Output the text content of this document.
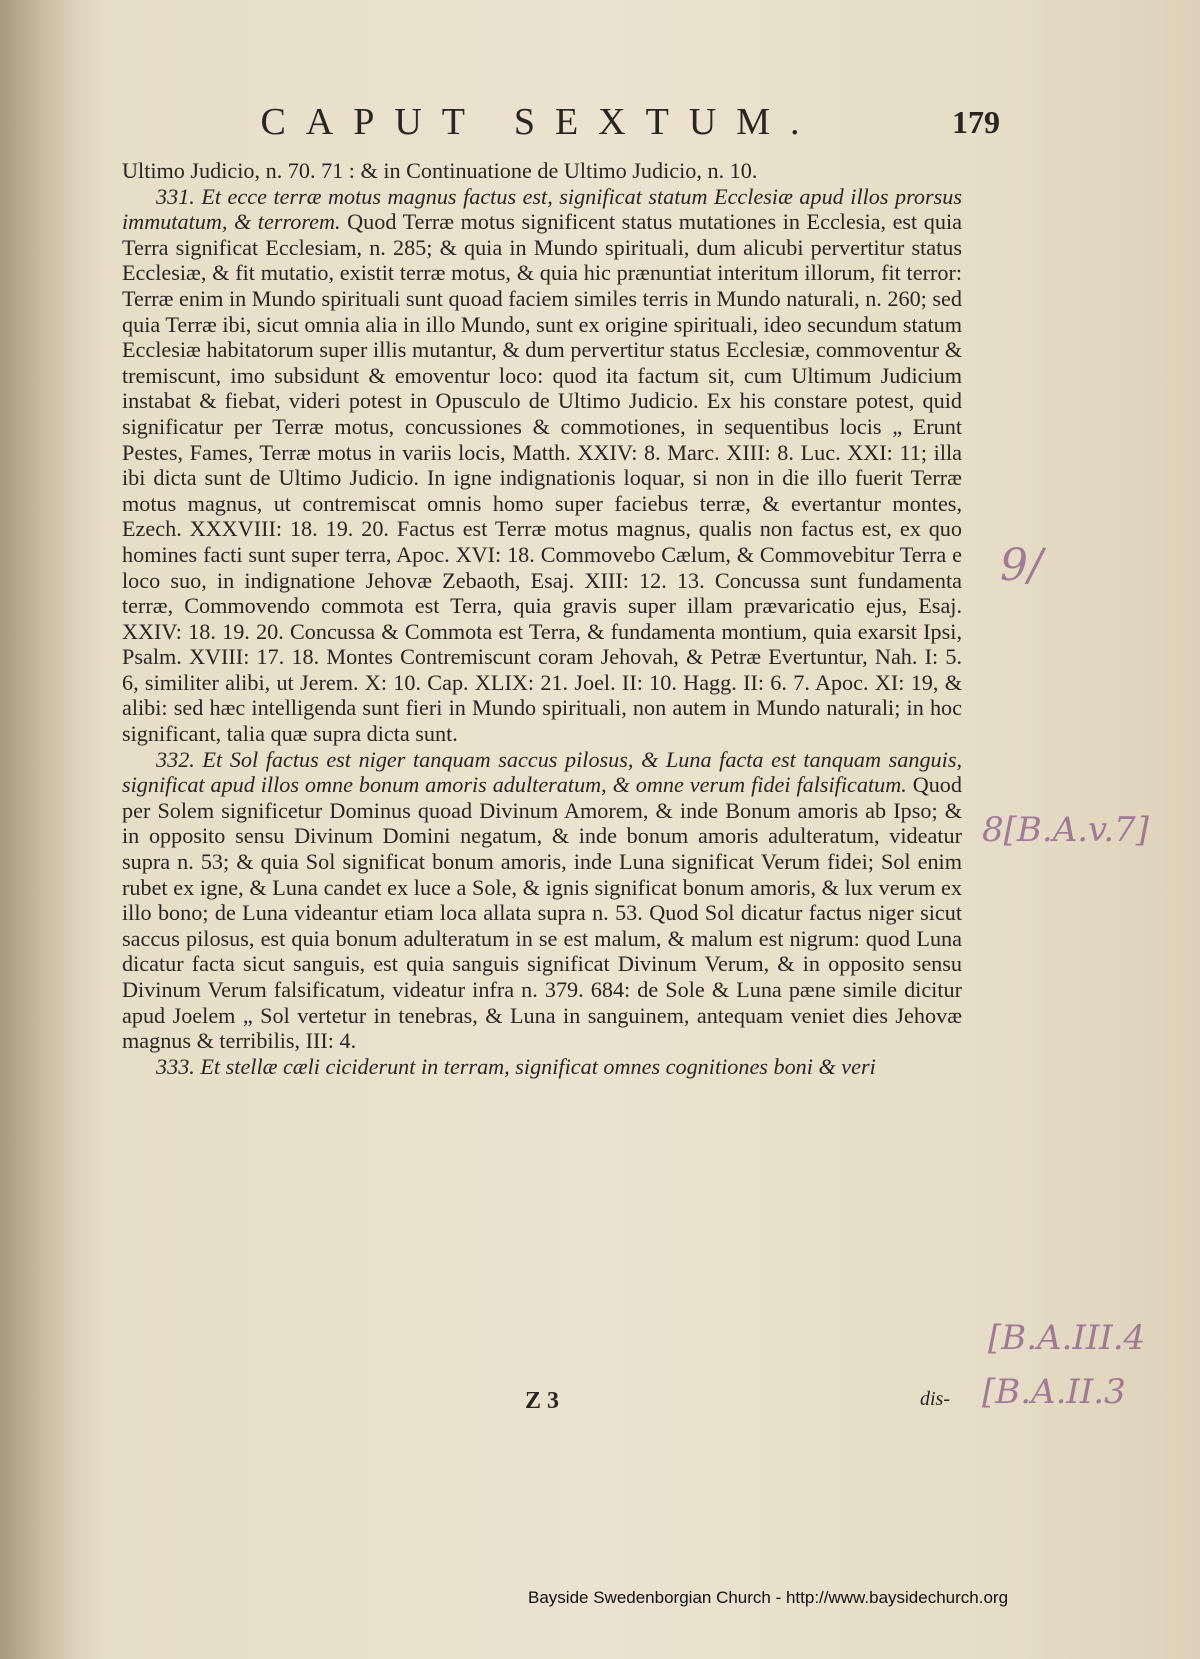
CAPUT SEXTUM.	179

Ultimo Judicio, n. 70. 71 : & in Continuatione de Ultimo Judicio, n. 10.

331. Et ecce terræ motus magnus factus est, significat statum Ecclesiæ apud illos prorsus immutatum, & terrorem. Quod Terræ motus significent status mutationes in Ecclesia, est quia Terra significat Ecclesiam, n. 285; & quia in Mundo spirituali, dum alicubi pervertitur status Ecclesiæ, & fit mutatio, existit terræ motus, & quia hic prænuntiat interitum illorum, fit terror: Terræ enim in Mundo spirituali sunt quoad faciem similes terris in Mundo naturali, n. 260; sed quia Terræ ibi, sicut omnia alia in illo Mundo, sunt ex origine spirituali, ideo secundum statum Ecclesiæ habitatorum super illis mutantur, & dum pervertitur status Ecclesiæ, commoventur & tremiscunt, imo subsidunt & emoventur loco: quod ita factum sit, cum Ultimum Judicium instabat & fiebat, videri potest in Opusculo de Ultimo Judicio. Ex his constare potest, quid significatur per Terræ motus, concussiones & commotiones, in sequentibus locis „ Erunt Pestes, Fames, Terræ motus in variis locis, Matth. XXIV: 8. Marc. XIII: 8. Luc. XXI: 11; illa ibi dicta sunt de Ultimo Judicio. In igne indignationis loquar, si non in die illo fuerit Terræ motus magnus, ut contremiscat omnis homo super faciebus terræ, & evertantur montes, Ezech. XXXVIII: 18. 19. 20. Factus est Terræ motus magnus, qualis non factus est, ex quo homines facti sunt super terra, Apoc. XVI: 18. Commovebo Cælum, & Commovebitur Terra e loco suo, in indignatione Jehovæ Zebaoth, Esaj. XIII: 12. 13. Concussa sunt fundamenta terræ, Commovendo commota est Terra, quia gravis super illam prævaricatio ejus, Esaj. XXIV: 18. 19. 20. Concussa & Commota est Terra, & fundamenta montium, quia exarsit Ipsi, Psalm. XVIII: 17. 18. Montes Contremiscunt coram Jehovah, & Petræ Evertuntur, Nah. I: 5. 6, similiter alibi, ut Jerem. X: 10. Cap. XLIX: 21. Joel. II: 10. Hagg. II: 6. 7. Apoc. XI: 19, & alibi: sed hæc intelligenda sunt fieri in Mundo spirituali, non autem in Mundo naturali; in hoc significant, talia quæ supra dicta sunt.

332. Et Sol factus est niger tanquam saccus pilosus, & Luna facta est tanquam sanguis, significat apud illos omne bonum amoris adulteratum, & omne verum fidei falsificatum. Quod per Solem significetur Dominus quoad Divinum Amorem, & inde Bonum amoris ab Ipso; & in opposito sensu Divinum Domini negatum, & inde bonum amoris adulteratum, videatur supra n. 53; & quia Sol significat bonum amoris, inde Luna significat Verum fidei; Sol enim rubet ex igne, & Luna candet ex luce a Sole, & ignis significat bonum amoris, & lux verum ex illo bono; de Luna videantur etiam loca allata supra n. 53. Quod Sol dicatur factus niger sicut saccus pilosus, est quia bonum adulteratum in se est malum, & malum est nigrum: quod Luna dicatur facta sicut sanguis, est quia sanguis significat Divinum Verum, & in opposito sensu Divinum Verum falsificatum, videatur infra n. 379. 684: de Sole & Luna pæne simile dicitur apud Joelem „ Sol vertetur in tenebras, & Luna in sanguinem, antequam veniet dies Jehovæ magnus & terribilis, III: 4.

333. Et stellæ cæli ciciderunt in terram, significat omnes cognitiones boni & veri

Z 3	dis-
9/
8[B.A.v.7]
[B.A.III.4
[B.A.II.3
Bayside Swedenborgian Church - http://www.baysidechurch.org
